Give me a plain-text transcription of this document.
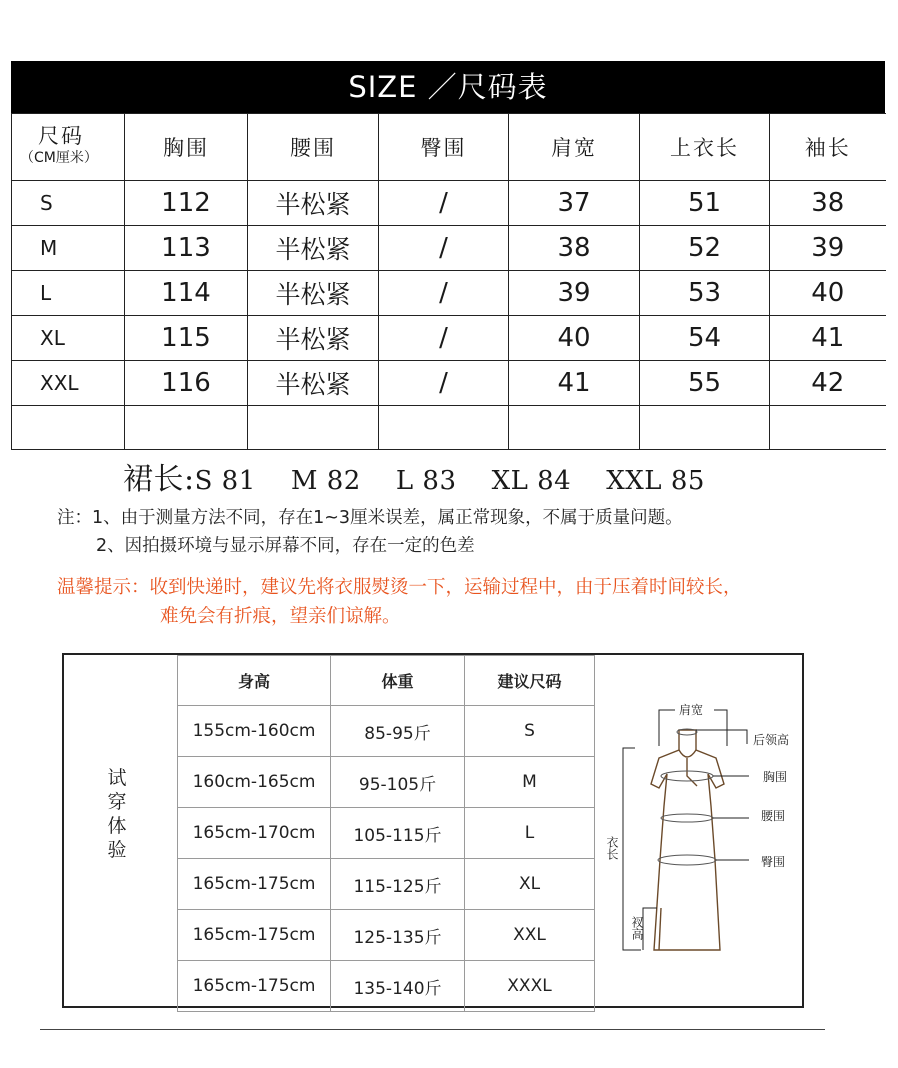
SIZE ／尺码表
尺码
（CM厘米）	胸围	腰围	臀围	肩宽	上衣长	袖长
S	112	半松紧	/	37	51	38
M	113	半松紧	/	38	52	39
L	114	半松紧	/	39	53	40
XL	115	半松紧	/	40	54	41
XXL	116	半松紧	/	41	55	42

裙长:S 81 M 82 L 83 XL 84 XXL 85
注：1、由于测量方法不同，存在1~3厘米误差，属正常现象，不属于质量问题。
2、因拍摄环境与显示屏幕不同，存在一定的色差
温馨提示：收到快递时，建议先将衣服熨烫一下，运输过程中，由于压着时间较长，
难免会有折痕，望亲们谅解。
试
穿
体
验
身高	体重	建议尺码
155cm-160cm	85-95斤	S
160cm-165cm	95-105斤	M
165cm-170cm	105-115斤	L
165cm-175cm	115-125斤	XL
165cm-175cm	125-135斤	XXL
165cm-175cm	135-140斤	XXXL
肩宽
后领高
胸围
腰围
臀围
衣长
衩高
